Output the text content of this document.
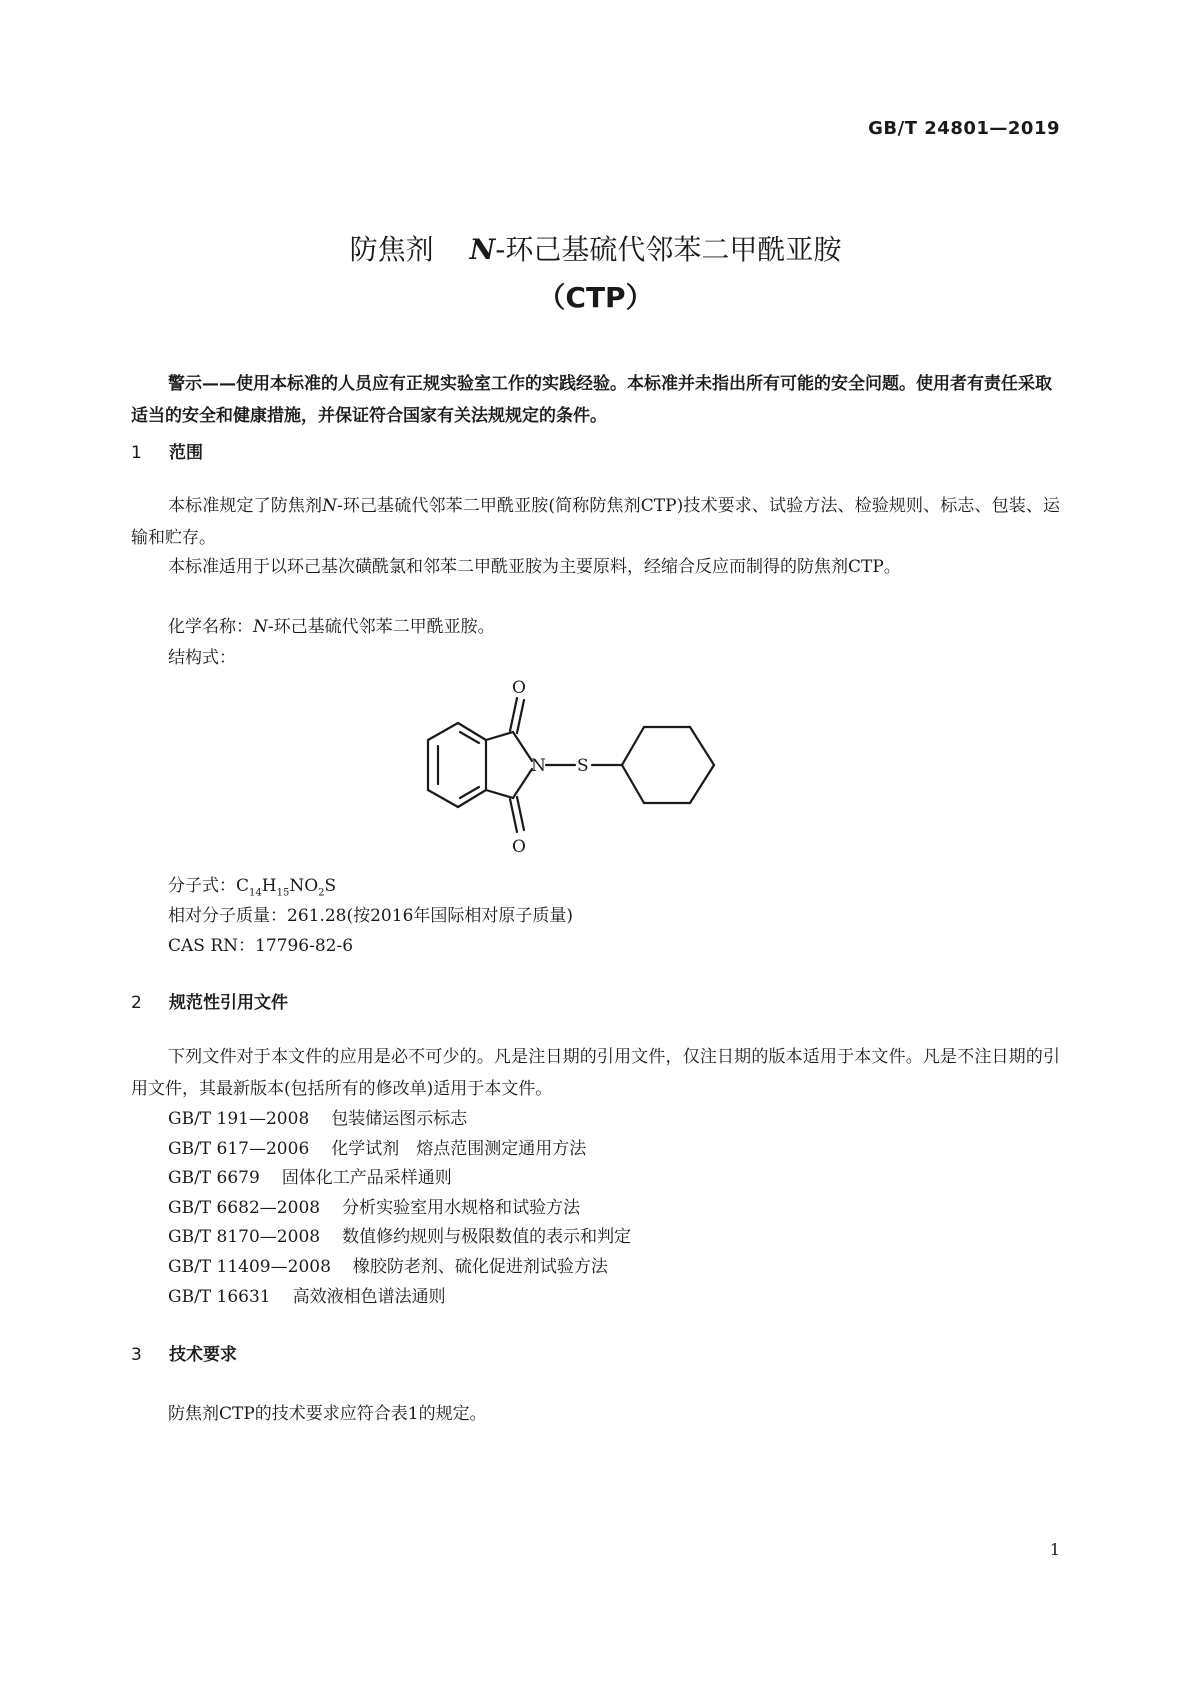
GB/T 24801—2019
防焦剂 N-环己基硫代邻苯二甲酰亚胺
（CTP）
警示——使用本标准的人员应有正规实验室工作的实践经验。本标准并未指出所有可能的安全问题。使用者有责任采取适当的安全和健康措施，并保证符合国家有关法规规定的条件。
1 范围
本标准规定了防焦剂N-环己基硫代邻苯二甲酰亚胺(简称防焦剂CTP)技术要求、试验方法、检验规则、标志、包装、运输和贮存。
本标准适用于以环己基次磺酰氯和邻苯二甲酰亚胺为主要原料，经缩合反应而制得的防焦剂CTP。
化学名称：N-环己基硫代邻苯二甲酰亚胺。
结构式：
O
O
N S
分子式：$C_{14}H_{15}NO_2S$
相对分子质量：261.28(按2016年国际相对原子质量)
CAS RN：17796-82-6
2 规范性引用文件
下列文件对于本文件的应用是必不可少的。凡是注日期的引用文件，仅注日期的版本适用于本文件。凡是不注日期的引用文件，其最新版本(包括所有的修改单)适用于本文件。
GB/T 191—2008 包装储运图示标志
GB/T 617—2006 化学试剂　熔点范围测定通用方法
GB/T 6679 固体化工产品采样通则
GB/T 6682—2008 分析实验室用水规格和试验方法
GB/T 8170—2008 数值修约规则与极限数值的表示和判定
GB/T 11409—2008 橡胶防老剂、硫化促进剂试验方法
GB/T 16631 高效液相色谱法通则
3 技术要求
防焦剂CTP的技术要求应符合表1的规定。
1
